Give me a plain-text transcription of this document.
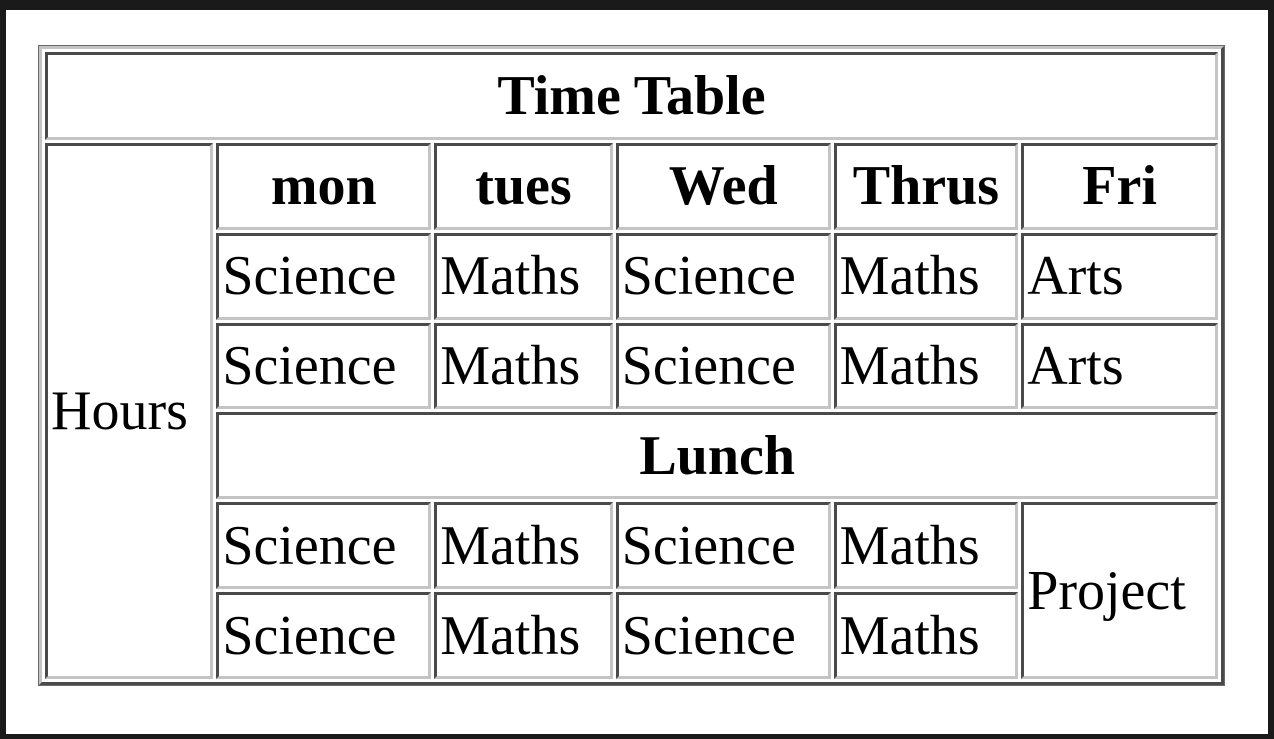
Time Table					
Hours	mon	tues	Wed	Thrus	Fri
	Science	Maths	Science	Maths	Arts
	Science	Maths	Science	Maths	Arts
	Lunch				
	Science	Maths	Science	Maths	Project
	Science	Maths	Science	Maths	
